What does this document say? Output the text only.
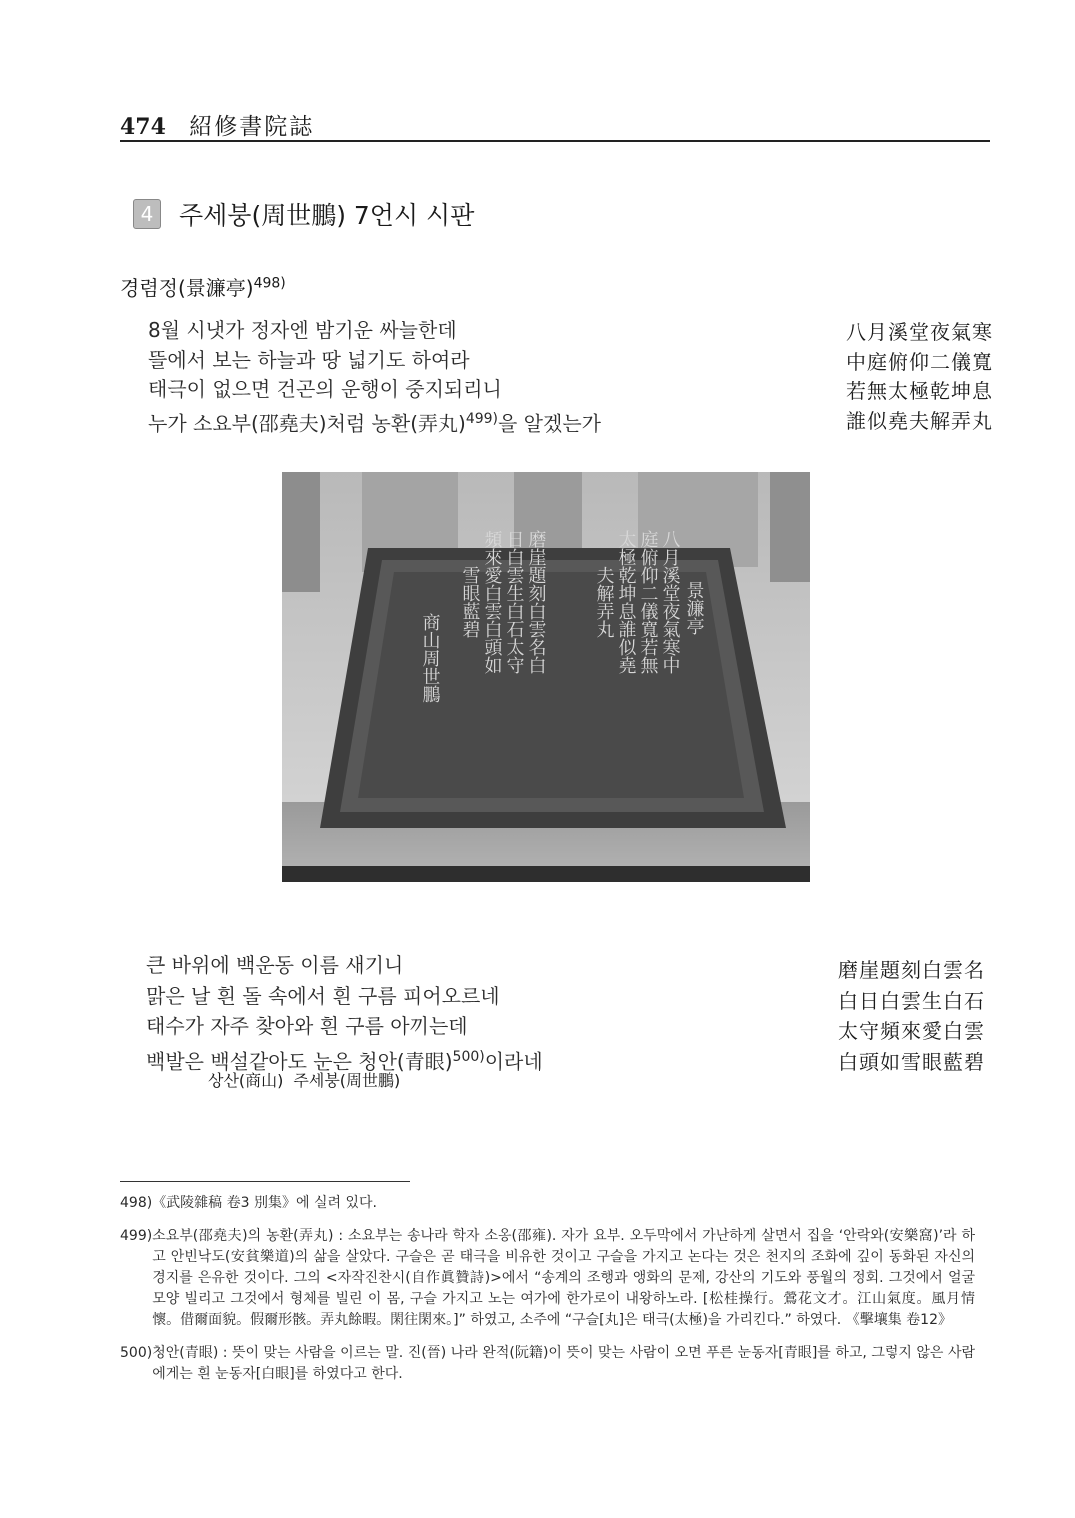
474 紹修書院誌
4	주세붕(周世鵬) 7언시 시판
경렴정(景濂亭)$^{498)}$
8월 시냇가 정자엔 밤기운 싸늘한데
뜰에서 보는 하늘과 땅 넓기도 하여라
태극이 없으면 건곤의 운행이 중지되리니
누가 소요부(邵堯夫)처럼 농환(弄丸)$^{499)}$을 알겠는가
八月溪堂夜氣寒
中庭俯仰二儀寬
若無太極乾坤息
誰似堯夫解弄丸
景濂亭
八月溪堂夜氣寒中
庭俯仰二儀寬若無
太極乾坤息誰似堯
夫解弄丸
磨崖題刻白雲名白
日白雲生白石太守
頻來愛白雲白頭如
雪眼藍碧
商山周世鵬
큰 바위에 백운동 이름 새기니
맑은 날 흰 돌 속에서 흰 구름 피어오르네
태수가 자주 찾아와 흰 구름 아끼는데
백발은 백설같아도 눈은 청안(青眼)$^{500)}$이라네
磨崖題刻白雲名
白日白雲生白石
太守頻來愛白雲
白頭如雪眼藍碧
상산(商山) 주세붕(周世鵬)
498) 《武陵雜稿 卷3 別集》에 실려 있다.
499) 소요부(邵堯夫)의 농환(弄丸) : 소요부는 송나라 학자 소옹(邵雍). 자가 요부. 오두막에서 가난하게 살면서 집을 ‘안락와(安樂窩)’라 하고 안빈낙도(安貧樂道)의 삶을 살았다. 구슬은 곧 태극을 비유한 것이고 구슬을 가지고 논다는 것은 천지의 조화에 깊이 동화된 자신의 경지를 은유한 것이다. 그의 <자작진찬시(自作眞贊詩)>에서 “송계의 조행과 앵화의 문제, 강산의 기도와 풍월의 정회. 그것에서 얼굴 모양 빌리고 그것에서 형체를 빌린 이 몸, 구슬 가지고 노는 여가에 한가로이 내왕하노라. [松桂操行。鶯花文才。江山氣度。風月情懷。借爾面貌。假爾形骸。弄丸餘暇。閑往閑來。]” 하였고, 소주에 “구슬[丸]은 태극(太極)을 가리킨다.” 하였다. 《擊壤集 卷12》
500) 청안(青眼) : 뜻이 맞는 사람을 이르는 말. 진(晉) 나라 완적(阮籍)이 뜻이 맞는 사람이 오면 푸른 눈동자[青眼]를 하고, 그렇지 않은 사람에게는 흰 눈동자[白眼]를 하였다고 한다.
